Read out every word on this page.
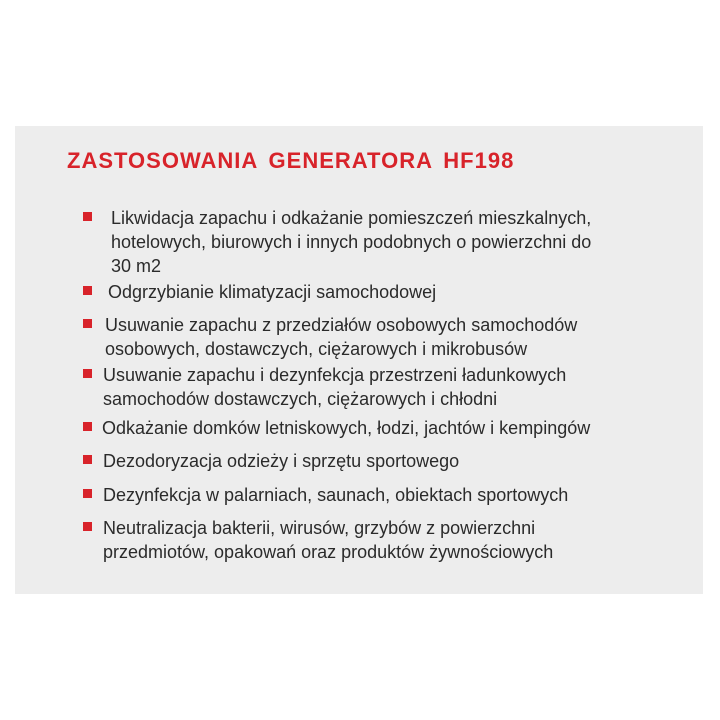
ZASTOSOWANIA GENERATORA HF198
Likwidacja zapachu i odkażanie pomieszczeń mieszkalnych,
hotelowych, biurowych i innych podobnych o powierzchni do
30 m2
Odgrzybianie klimatyzacji samochodowej
Usuwanie zapachu z przedziałów osobowych samochodów
osobowych, dostawczych, ciężarowych i mikrobusów
Usuwanie zapachu i dezynfekcja przestrzeni ładunkowych
samochodów dostawczych, ciężarowych i chłodni
Odkażanie domków letniskowych, łodzi, jachtów i kempingów
Dezodoryzacja odzieży i sprzętu sportowego
Dezynfekcja w palarniach, saunach, obiektach sportowych
Neutralizacja bakterii, wirusów, grzybów z powierzchni
przedmiotów, opakowań oraz produktów żywnościowych
